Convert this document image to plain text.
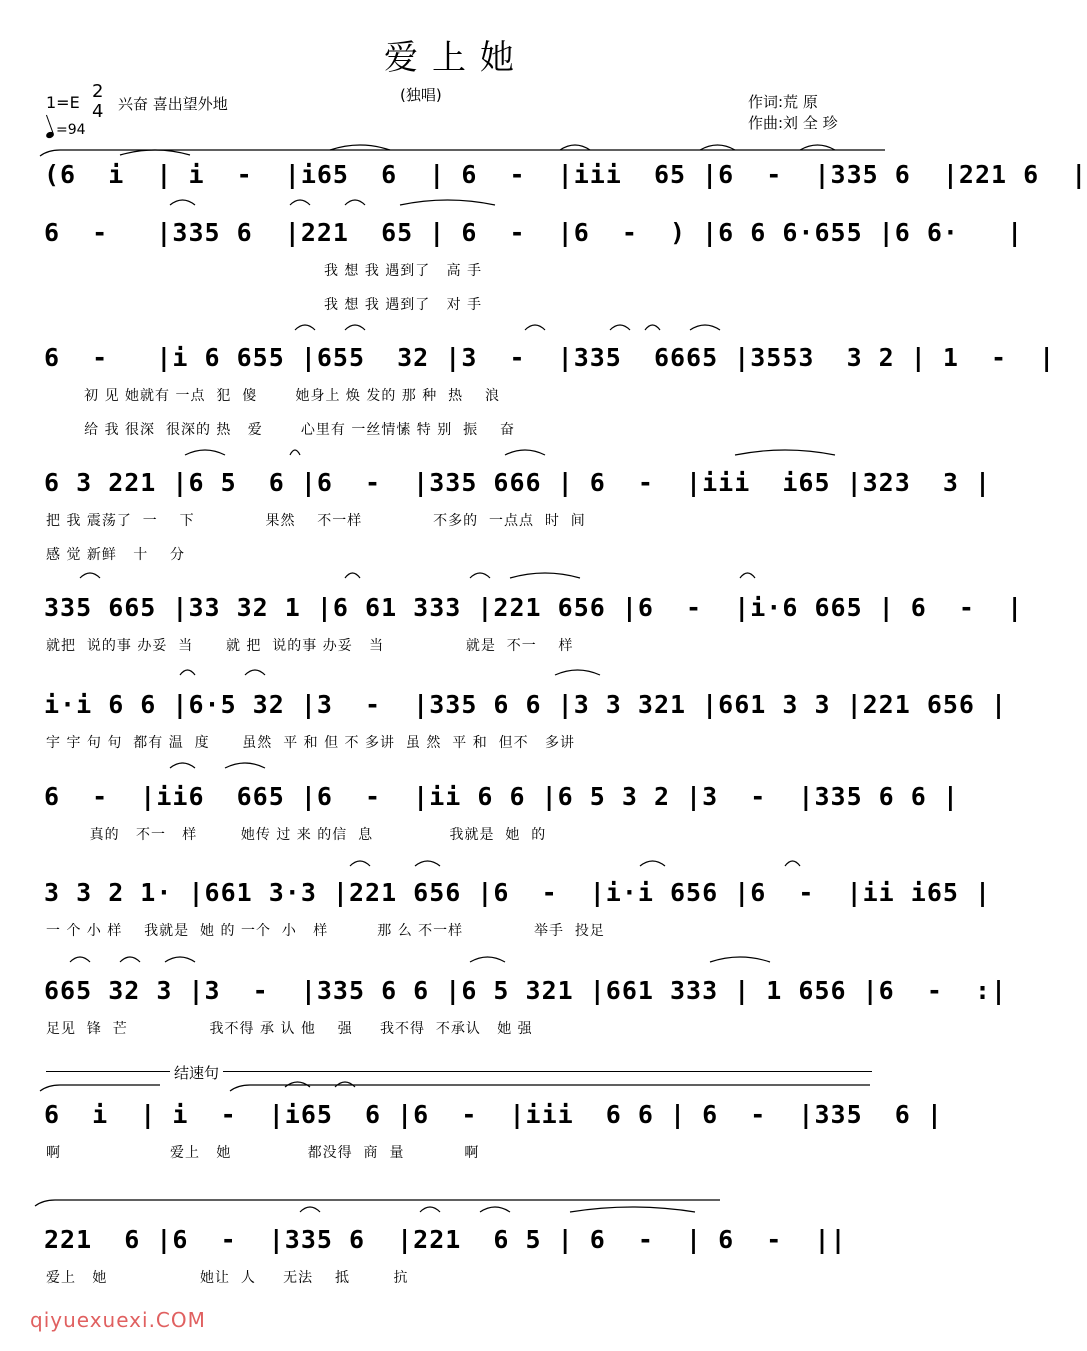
爱上她
(独唱)
1=E
2
4 兴奋 喜出望外地
=94
作词:荒 原
作曲:刘 全 珍
(6  i  | i  -  |i65  6  | 6  -  |iii  65 |6  -  |335 6  |221 6  |
6  -   |335 6  |221  65 | 6  -  |6  -  ) |6 6 6·655 |6 6·   |
我 想 我 遇到了   高 手
我 想 我 遇到了   对 手
6  -   |i 6 655 |655  32 |3  -  |335  6665 |3553  3 2 | 1  -  |
初 见 她就有 一点  犯  傻       她身上 焕 发的 那 种  热    浪
给 我 很深  很深的 热   爱       心里有 一丝情愫 特 别  振    奋
6 3 221 |6 5  6 |6  -  |335 666 | 6  -  |iii  i65 |323  3 |
把 我 震荡了  一    下             果然    不一样             不多的  一点点  时  间
感 觉 新鲜   十    分
335 665 |33 32 1 |6 61 333 |221 656 |6  -  |i·6 665 | 6  -  |
就把  说的事 办妥  当      就 把  说的事 办妥   当               就是  不一    样
i·i 6 6 |6·5 32 |3  -  |335 6 6 |3 3 321 |661 3 3 |221 656 |
宇 宇 句 句  都有 温  度      虽然  平 和 但 不 多讲  虽 然  平 和  但不   多讲
6  -  |ii6  665 |6  -  |ii 6 6 |6 5 3 2 |3  -  |335 6 6 |
真的   不一   样        她传 过 来 的信  息              我就是  她  的
3 3 2 1· |661 3·3 |221 656 |6  -  |i·i 656 |6  -  |ii i65 |
一 个 小 样    我就是  她 的 一个  小   样         那 么 不一样             举手  投足
665 32 3 |3  -  |335 6 6 |6 5 321 |661 333 | 1 656 |6  -  :|
足见  锋  芒               我不得 承 认 他    强     我不得  不承认   她 强
6  i  | i  -  |i65  6 |6  -  |iii  6 6 | 6  -  |335  6 |
啊                    爱上   她              都没得  商  量           啊
221  6 |6  -  |335 6  |221  6 5 | 6  -  | 6  -  ||
爱上   她                 她让  人     无法    抵        抗
结速句
qiyuexuexi.COM
